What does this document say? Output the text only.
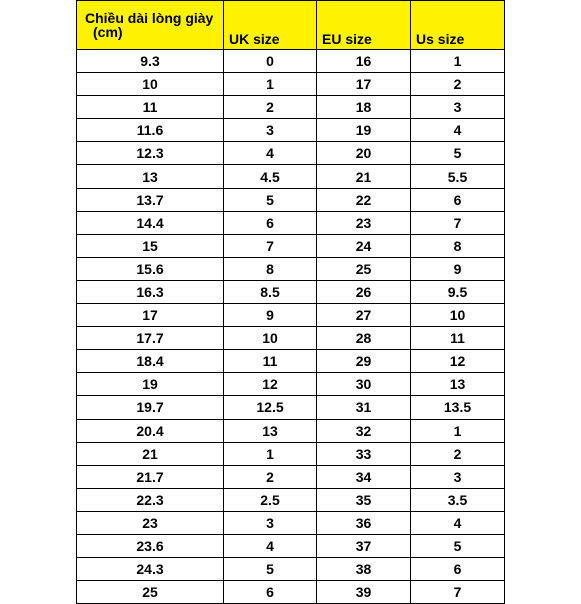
Chiều dài lòng giày
(cm)	UK size	EU size	Us size
9.3	0	16	1
10	1	17	2
11	2	18	3
11.6	3	19	4
12.3	4	20	5
13	4.5	21	5.5
13.7	5	22	6
14.4	6	23	7
15	7	24	8
15.6	8	25	9
16.3	8.5	26	9.5
17	9	27	10
17.7	10	28	11
18.4	11	29	12
19	12	30	13
19.7	12.5	31	13.5
20.4	13	32	1
21	1	33	2
21.7	2	34	3
22.3	2.5	35	3.5
23	3	36	4
23.6	4	37	5
24.3	5	38	6
25	6	39	7
